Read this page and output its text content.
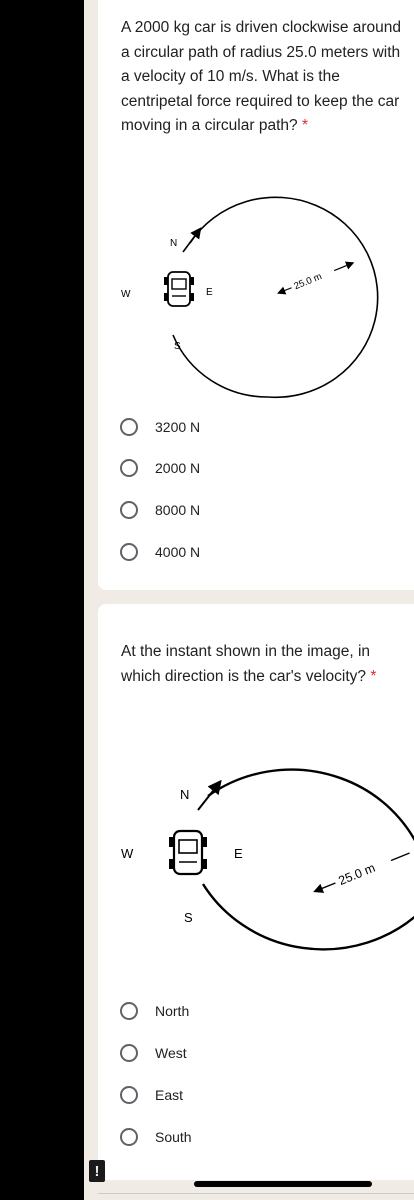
A 2000 kg car is driven clockwise around a circular path of radius 25.0 meters with a velocity of 10 m/s. What is the centripetal force required to keep the car moving in a circular path? *
N
S
W	E
25.0 m
3200 N
2000 N
8000 N
4000 N
At the instant shown in the image, in which direction is the car's velocity? *
N
S
W	E
25.0 m
North
West
East
South
!
